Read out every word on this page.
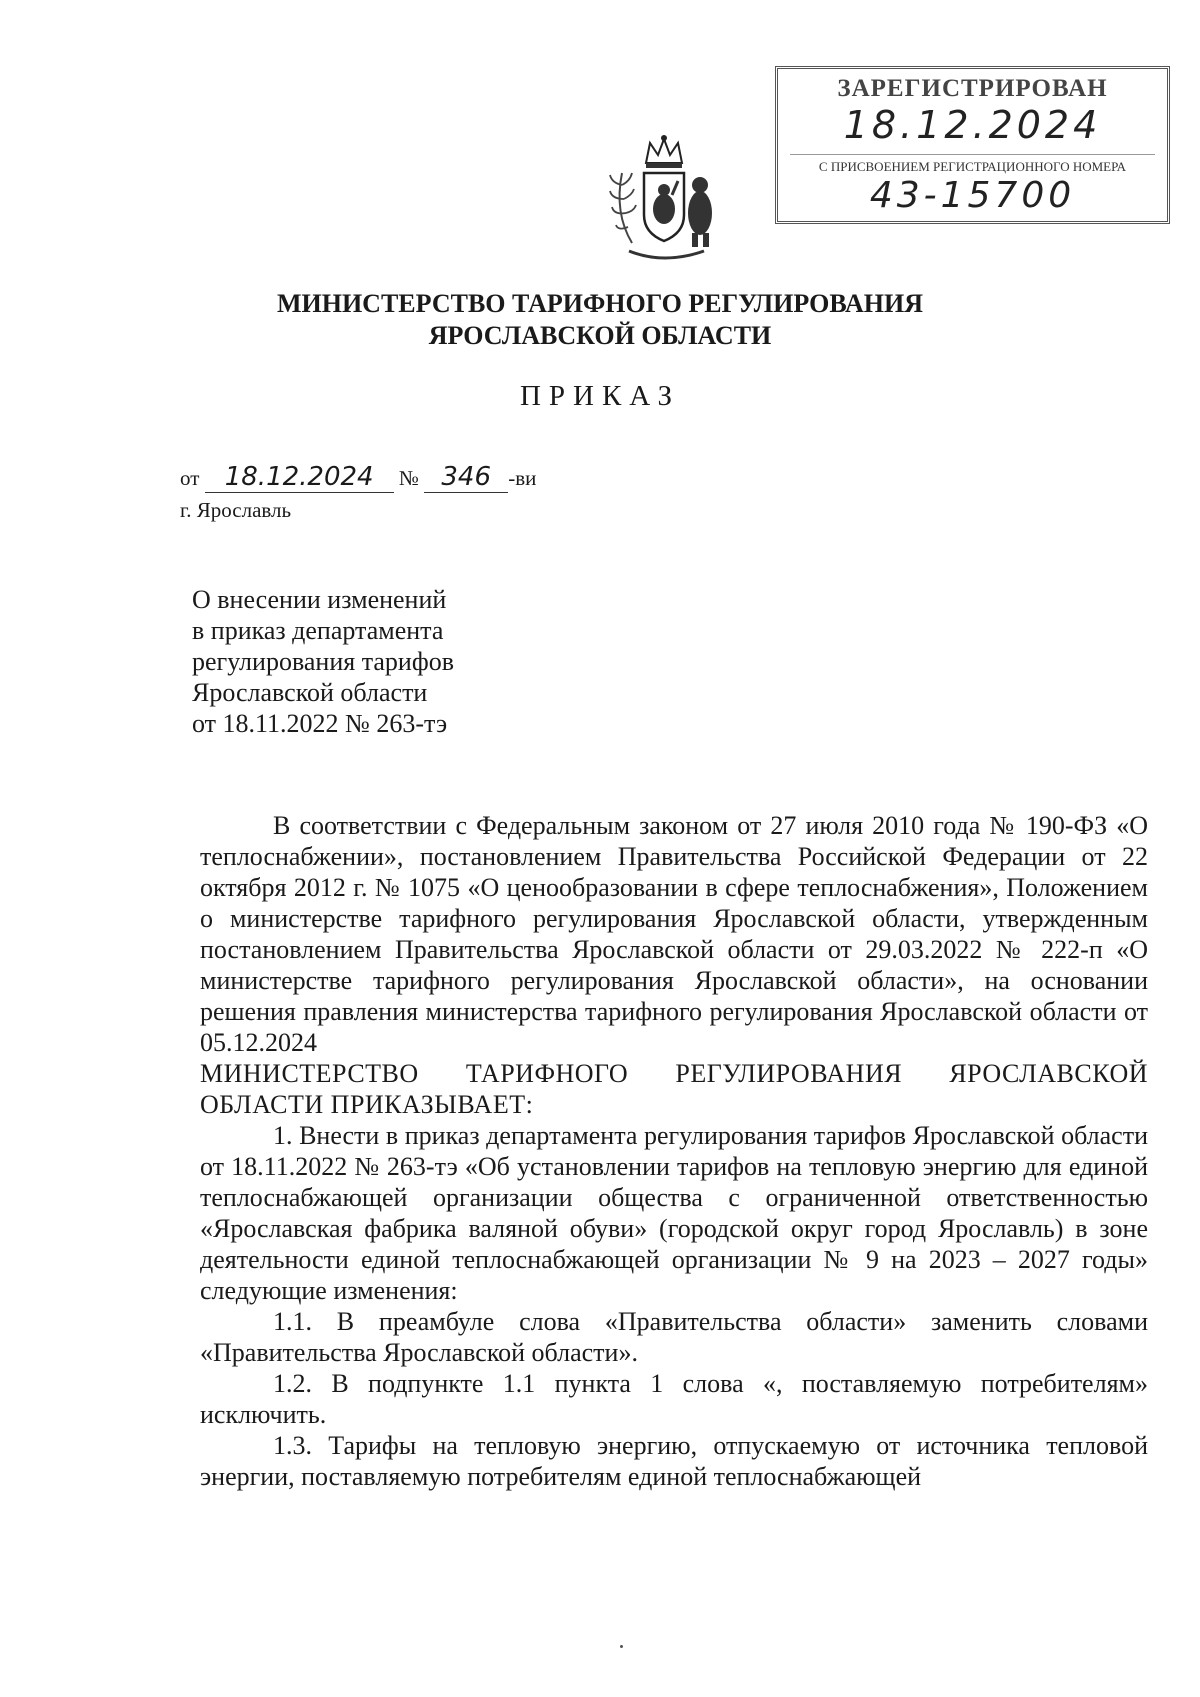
ЗАРЕГИСТРИРОВАН
18.12.2024
С ПРИСВОЕНИЕМ РЕГИСТРАЦИОННОГО НОМЕРА
43-15700
МИНИСТЕРСТВО ТАРИФНОГО РЕГУЛИРОВАНИЯ
ЯРОСЛАВСКОЙ ОБЛАСТИ
ПРИКАЗ
от 18.12.2024 № 346 -ви
г. Ярославль
О внесении изменений
в приказ департамента
регулирования тарифов
Ярославской области
от 18.11.2022 № 263-тэ

В соответствии с Федеральным законом от 27 июля 2010 года № 190-ФЗ «О теплоснабжении», постановлением Правительства Российской Федерации от 22 октября 2012 г. № 1075 «О ценообразовании в сфере теплоснабжения», Положением о министерстве тарифного регулирования Ярославской области, утвержденным постановлением Правительства Ярославской области от 29.03.2022 № 222-п «О министерстве тарифного регулирования Ярославской области», на основании решения правления министерства тарифного регулирования Ярославской области от 05.12.2024

МИНИСТЕРСТВО ТАРИФНОГО РЕГУЛИРОВАНИЯ ЯРОСЛАВСКОЙ ОБЛАСТИ ПРИКАЗЫВАЕТ:

1. Внести в приказ департамента регулирования тарифов Ярославской области от 18.11.2022 № 263-тэ «Об установлении тарифов на тепловую энергию для единой теплоснабжающей организации общества с ограниченной ответственностью «Ярославская фабрика валяной обуви» (городской округ город Ярославль) в зоне деятельности единой теплоснабжающей организации № 9 на 2023 – 2027 годы» следующие изменения:

1.1. В преамбуле слова «Правительства области» заменить словами «Правительства Ярославской области».

1.2. В подпункте 1.1 пункта 1 слова «, поставляемую потребителям» исключить.

1.3. Тарифы на тепловую энергию, отпускаемую от источника тепловой энергии, поставляемую потребителям единой теплоснабжающей
